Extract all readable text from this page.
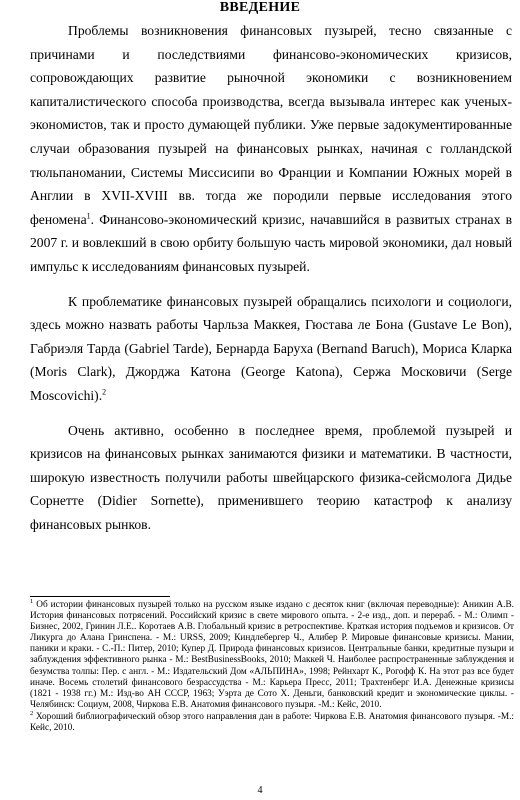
ВВЕДЕНИЕ

Проблемы возникновения финансовых пузырей, тесно связанные с причинами и последствиями финансово-экономических кризисов, сопровождающих развитие рыночной экономики с возникновением капиталистического способа производства, всегда вызывала интерес как ученых-экономистов, так и просто думающей публики. Уже первые задокументированные случаи образования пузырей на финансовых рынках, начиная с голландской тюльпаномании, Системы Миссисипи во Франции и Компании Южных морей в Англии в XVII-XVIII вв. тогда же породили первые исследования этого феномена$^1$. Финансово-экономический кризис, начавшийся в развитых странах в 2007 г. и вовлекший в свою орбиту большую часть мировой экономики, дал новый импульс к исследованиям финансовых пузырей.

К проблематике финансовых пузырей обращались психологи и социологи, здесь можно назвать работы Чарльза Маккея, Гюстава ле Бона (Gustave Le Bon), Габриэля Тарда (Gabriel Tarde), Бернарда Баруха (Bernand Baruch), Мориса Кларка (Moris Clark), Джорджа Катона (George Katona), Сержа Московичи (Serge Moscovichi).$^2$

Очень активно, особенно в последнее время, проблемой пузырей и кризисов на финансовых рынках занимаются физики и математики. В частности, широкую известность получили работы швейцарского физика-сейсмолога Дидье Сорнетте (Didier Sornette), применившего теорию катастроф к анализу финансовых рынков.

$^1$ Об истории финансовых пузырей только на русском языке издано с десяток книг (включая переводные): Аникин А.В. История финансовых потрясений. Российский кризис в свете мирового опыта. - 2-е изд., доп. и перераб. - М.: Олимп - Бизнес, 2002, Гринин Л.Е.. Коротаев А.В. Глобальный кризис в ретроспективе. Краткая история подъемов и кризисов. От Ликурга до Алана Гринспена. - М.: URSS, 2009; Киндлебергер Ч., Алибер Р. Мировые финансовые кризисы. Мании, паники и краки. - С.-П.: Питер, 2010; Купер Д. Природа финансовых кризисов. Центральные банки, кредитные пузыри и заблуждения эффективного рынка - М.: BestBusinessBooks, 2010; Маккей Ч. Наиболее распространенные заблуждения и безумства толпы: Пер. с англ. - М.: Издательский Дом «АЛЬПИНА», 1998; Рейнхарт К., Рогофф К. На этот раз все будет иначе. Восемь столетий финансового безрассудства - М.: Карьера Пресс, 2011; Трахтенберг И.А. Денежные кризисы (1821 - 1938 гг.) М.: Изд-во АН СССР, 1963; Уэрта де Сото Х. Деньги, банковский кредит и экономические циклы. - Челябинск: Социум, 2008, Чиркова Е.В. Анатомия финансового пузыря. -М.: Кейс, 2010.

$^2$ Хороший библиографический обзор этого направления дан в работе: Чиркова Е.В. Анатомия финансового пузыря. -М.: Кейс, 2010.

4
